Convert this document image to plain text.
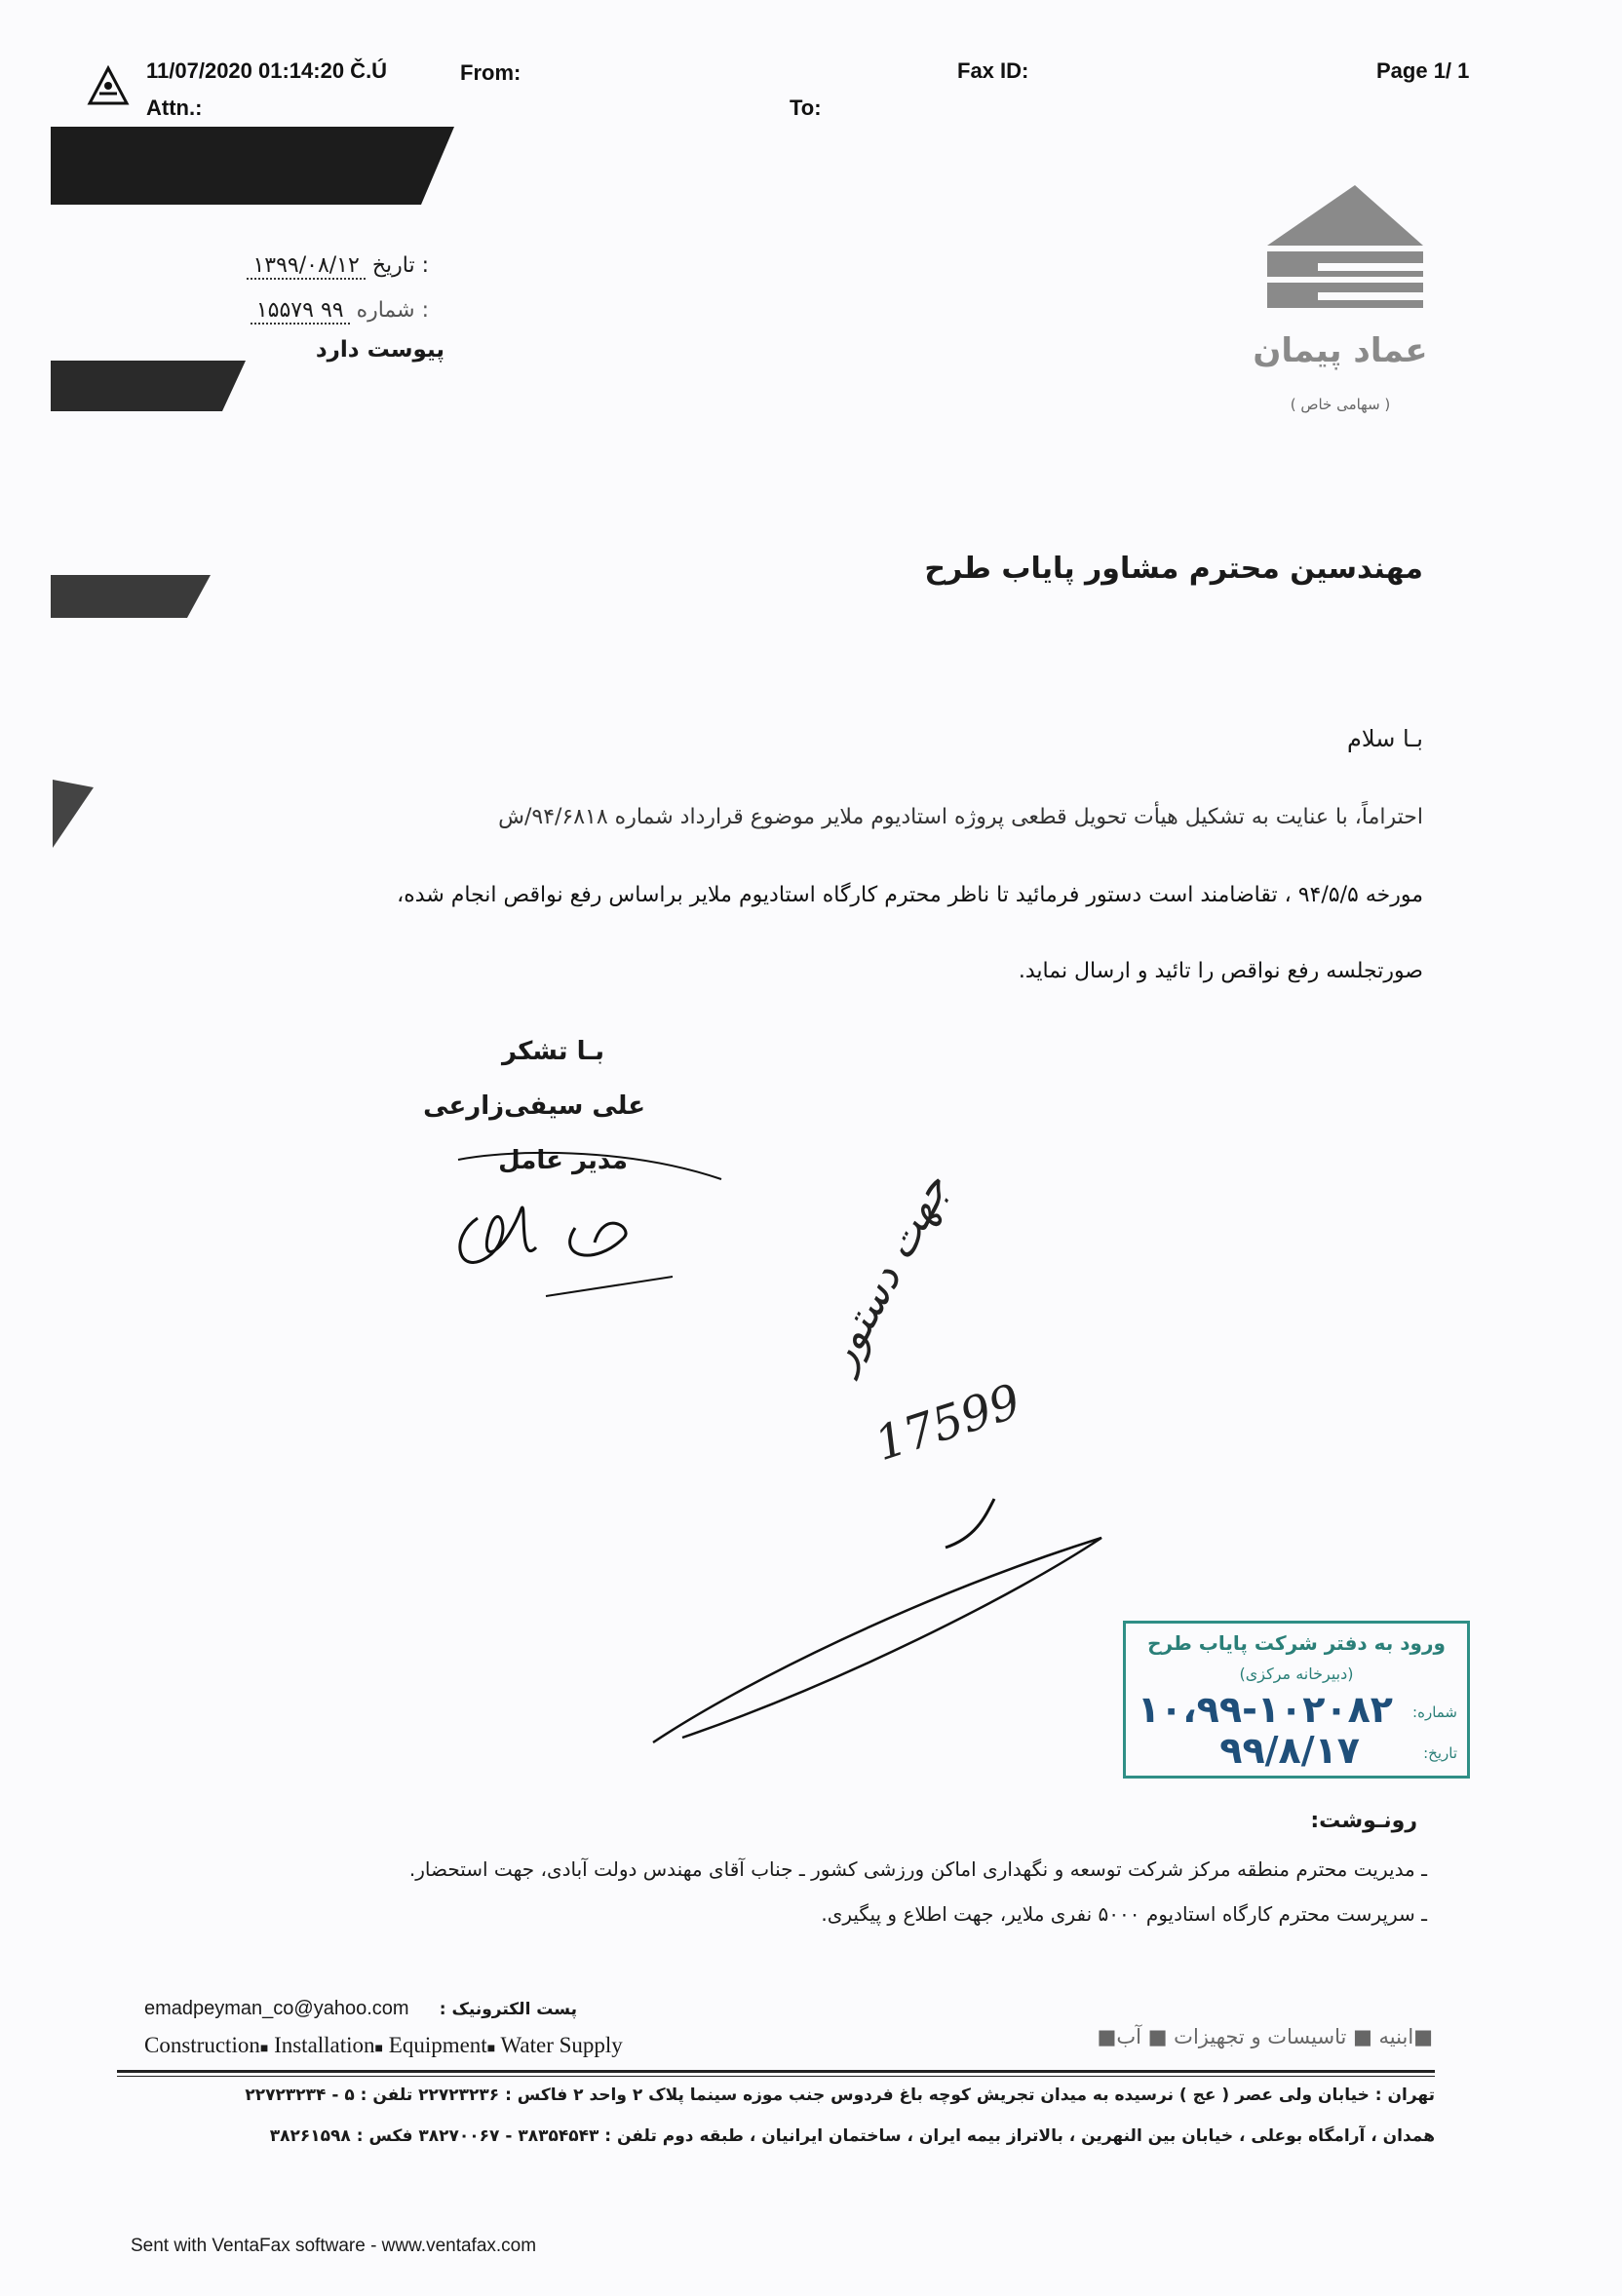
11/07/2020 01:14:20 Č.Ú	From:	Fax ID:	Page 1/ 1
Attn.:	To:
: تاریخ ۱۳۹۹/۰۸/۱۲
: شماره ۹۹ ۱۵۵۷۹
پیوست دارد	عماد پیمان
( سهامی خاص )
مهندسین محترم مشاور پایاب طرح
بـا سلام
احتراماً، با عنایت به تشکیل هیأت تحویل قطعی پروژه استادیوم ملایر موضوع قرارداد شماره ۹۴/۶۸۱۸/ش
مورخه ۹۴/۵/۵ ، تقاضامند است دستور فرمائید تا ناظر محترم کارگاه استادیوم ملایر براساس رفع نواقص انجام شده،
صورتجلسه رفع نواقص را تائید و ارسال نماید.
بـا تشکر
علی سیفی‌زارعی
مدیر عامل
جهت دستور
17599
ورود به دفتر شرکت پایاب طرح
(دبیرخانه مرکزی)
شماره:
۱۰،۹۹-۱۰۲۰۸۲
تاریخ:
۹۹/۸/۱۷
رونـوشت:
ـ مدیریت محترم منطقه مرکز شرکت توسعه و نگهداری اماکن ورزشی کشور ـ جناب آقای مهندس دولت آبادی، جهت استحضار.
ـ سرپرست محترم کارگاه استادیوم ۵۰۰۰ نفری ملایر، جهت اطلاع و پیگیری.
emadpeyman_co@yahoo.com	پست الکترونیک :
Construction■ Installation■ Equipment■ Water Supply	■ابنیه ■ تاسیسات و تجهیزات ■ آب■
تهران : خیابان ولی عصر ( عج ) نرسیده به میدان تجریش کوچه باغ فردوس جنب موزه سینما پلاک ۲ واحد ۲ فاکس : ۲۲۷۲۳۲۳۶ تلفن : ۵ - ۲۲۷۲۳۲۳۴
همدان ، آرامگاه بوعلی ، خیابان بین النهرین ، بالاتراز بیمه ایران ، ساختمان ایرانیان ، طبقه دوم تلفن : ۳۸۳۵۴۵۴۳ - ۳۸۲۷۰۰۶۷ فکس : ۳۸۲۶۱۵۹۸
Sent with VentaFax software - www.ventafax.com
